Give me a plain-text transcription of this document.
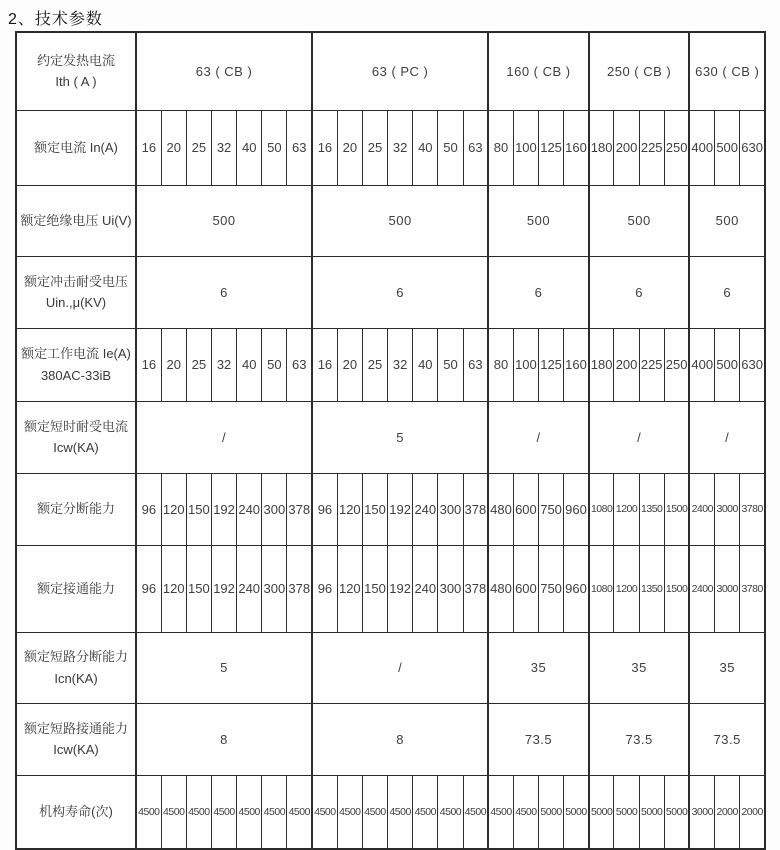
2、技术参数
约定发热电流
Ith ( A )	63 ( CB )							63 ( PC )							160 ( CB )				250 ( CB )				630 ( CB )		
额定电流 In(A)	16	20	25	32	40	50	63	16	20	25	32	40	50	63	80	100	125	160	180	200	225	250	400	500	630
额定绝缘电压 Ui(V)	500							500							500				500				500		
额定冲击耐受电压
Uin.,μ(KV)	6							6							6				6				6		
额定工作电流 Ie(A)
380AC-33iB	16	20	25	32	40	50	63	16	20	25	32	40	50	63	80	100	125	160	180	200	225	250	400	500	630
额定短时耐受电流
Icw(KA)	/							5							/				/				/		
额定分断能力	96	120	150	192	240	300	378	96	120	150	192	240	300	378	480	600	750	960	1080	1200	1350	1500	2400	3000	3780
额定接通能力	96	120	150	192	240	300	378	96	120	150	192	240	300	378	480	600	750	960	1080	1200	1350	1500	2400	3000	3780
额定短路分断能力
Icn(KA)	5							/							35				35				35		
额定短路接通能力
Icw(KA)	8							8							73.5				73.5				73.5		
机构寿命(次)	4500	4500	4500	4500	4500	4500	4500	4500	4500	4500	4500	4500	4500	4500	4500	4500	5000	5000	5000	5000	5000	5000	3000	2000	2000
